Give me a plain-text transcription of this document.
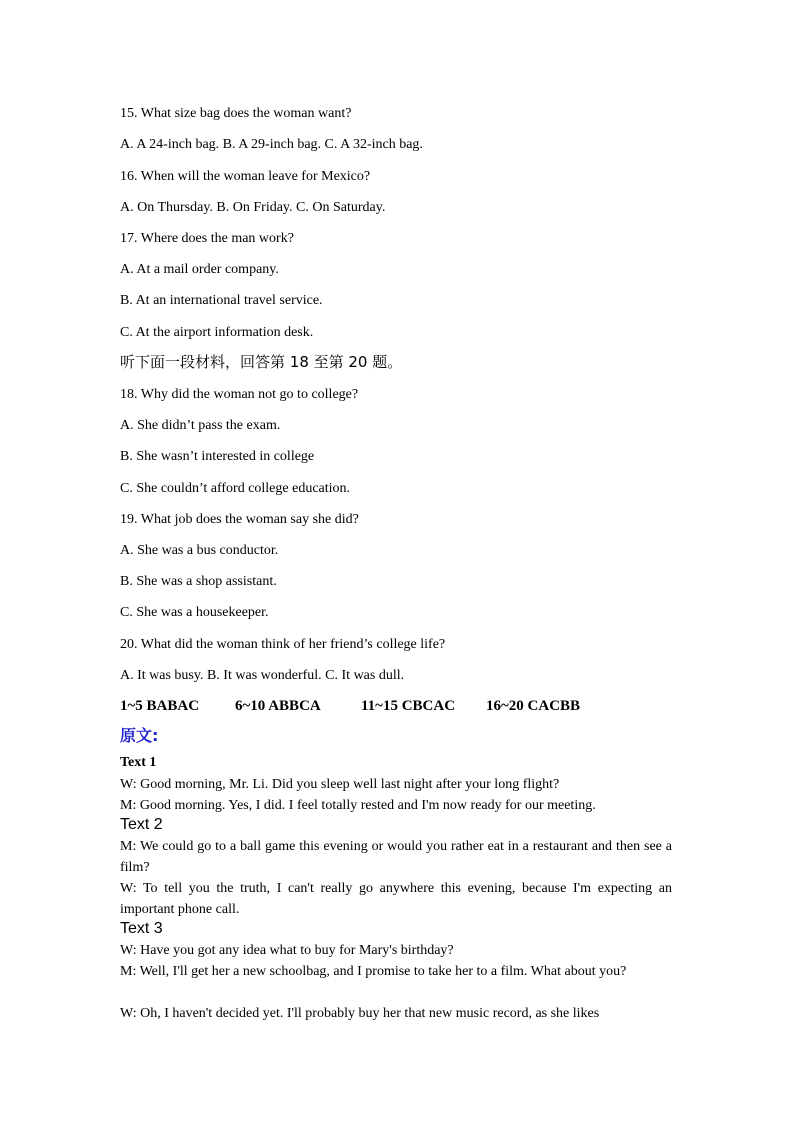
15. What size bag does the woman want?
A. A 24-inch bag. B. A 29-inch bag. C. A 32-inch bag.
16. When will the woman leave for Mexico?
A. On Thursday. B. On Friday. C. On Saturday.
17. Where does the man work?
A. At a mail order company.
B. At an international travel service.
C. At the airport information desk.
听下面一段材料，回答第 18 至第 20 题。
18. Why did the woman not go to college?
A. She didn’t pass the exam.
B. She wasn’t interested in college
C. She couldn’t afford college education.
19. What job does the woman say she did?
A. She was a bus conductor.
B. She was a shop assistant.
C. She was a housekeeper.
20. What did the woman think of her friend’s college life?
A. It was busy. B. It was wonderful. C. It was dull.
1~5 BABAC 6~10 ABBCA	11~15 CBCAC 16~20 CACBB
原文:
Text 1
W: Good morning, Mr. Li. Did you sleep well last night after your long flight?
M: Good morning. Yes, I did. I feel totally rested and I'm now ready for our meeting.
Text 2
M: We could go to a ball game this evening or would you rather eat in a restaurant and then see a film?
W: To tell you the truth, I can't really go anywhere this evening, because I'm expecting an important phone call.
Text 3
W: Have you got any idea what to buy for Mary's birthday?
M: Well, I'll get her a new schoolbag, and I promise to take her to a film. What about you?
W: Oh, I haven't decided yet. I'll probably buy her that new music record, as she likes
